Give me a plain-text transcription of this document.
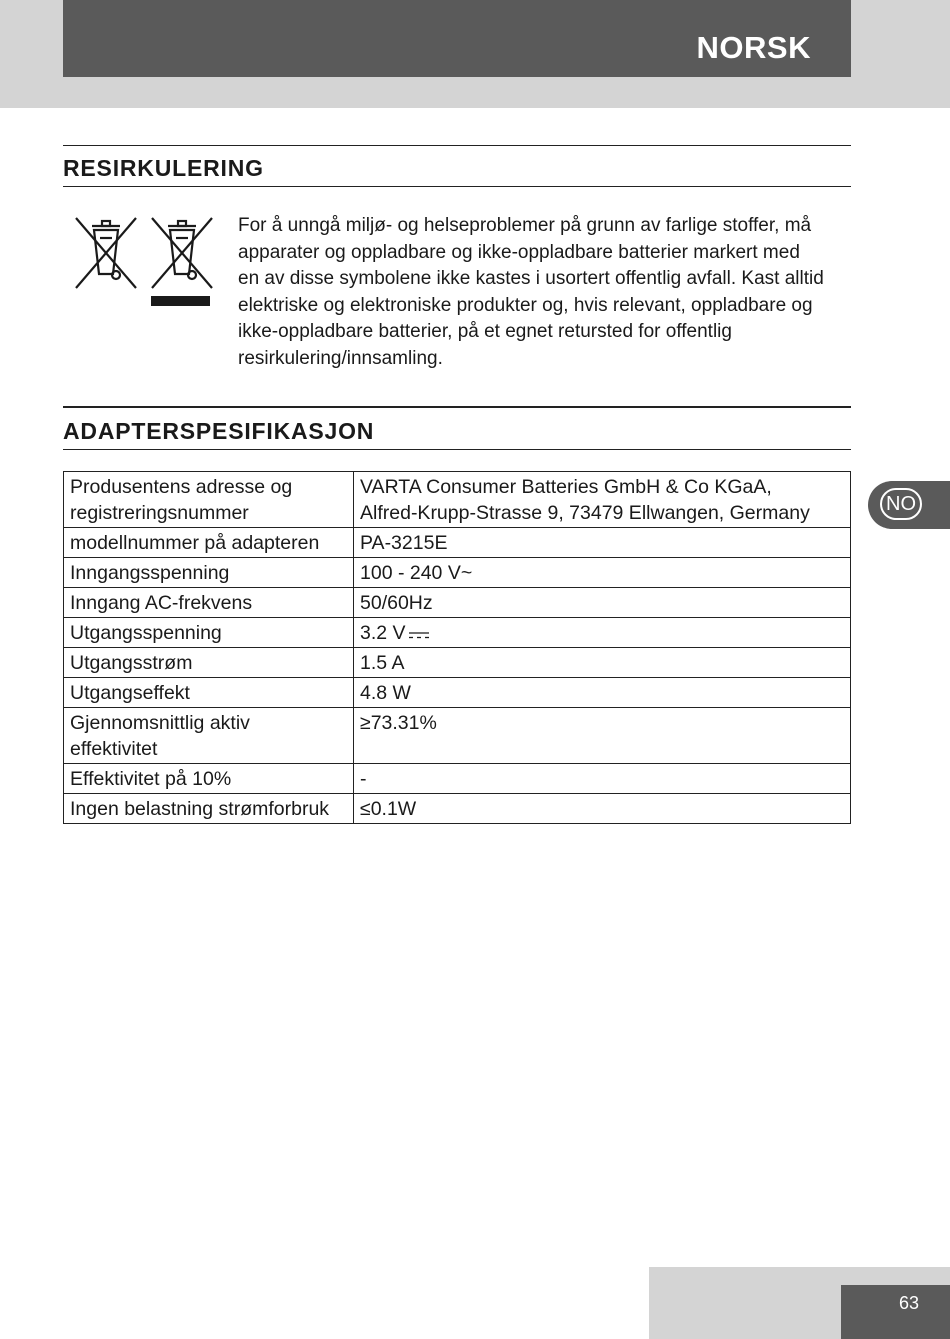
NORSK
RESIRKULERING

For å unngå miljø- og helseproblemer på grunn av farlige stoffer, må
apparater og oppladbare og ikke-oppladbare batterier markert med
en av disse symbolene ikke kastes i usortert offentlig avfall. Kast alltid
elektriske og elektroniske produkter og, hvis relevant, oppladbare og
ikke-oppladbare batterier, på et egnet retursted for offentlig
resirkulering/innsamling.

ADAPTERSPESIFIKASJON
Produsentens adresse og
registreringsnummer	VARTA Consumer Batteries GmbH & Co KGaA,
Alfred-Krupp-Strasse 9, 73479 Ellwangen, Germany
modellnummer på adapteren	PA-3215E
Inngangsspenning	100 - 240 V~
Inngang AC-frekvens	50/60Hz
Utgangsspenning	3.2 V
Utgangsstrøm	1.5 A
Utgangseffekt	4.8 W
Gjennomsnittlig aktiv
effektivitet	≥73.31%
Effektivitet på 10%	-
Ingen belastning strømforbruk	≤0.1W
NO
63
